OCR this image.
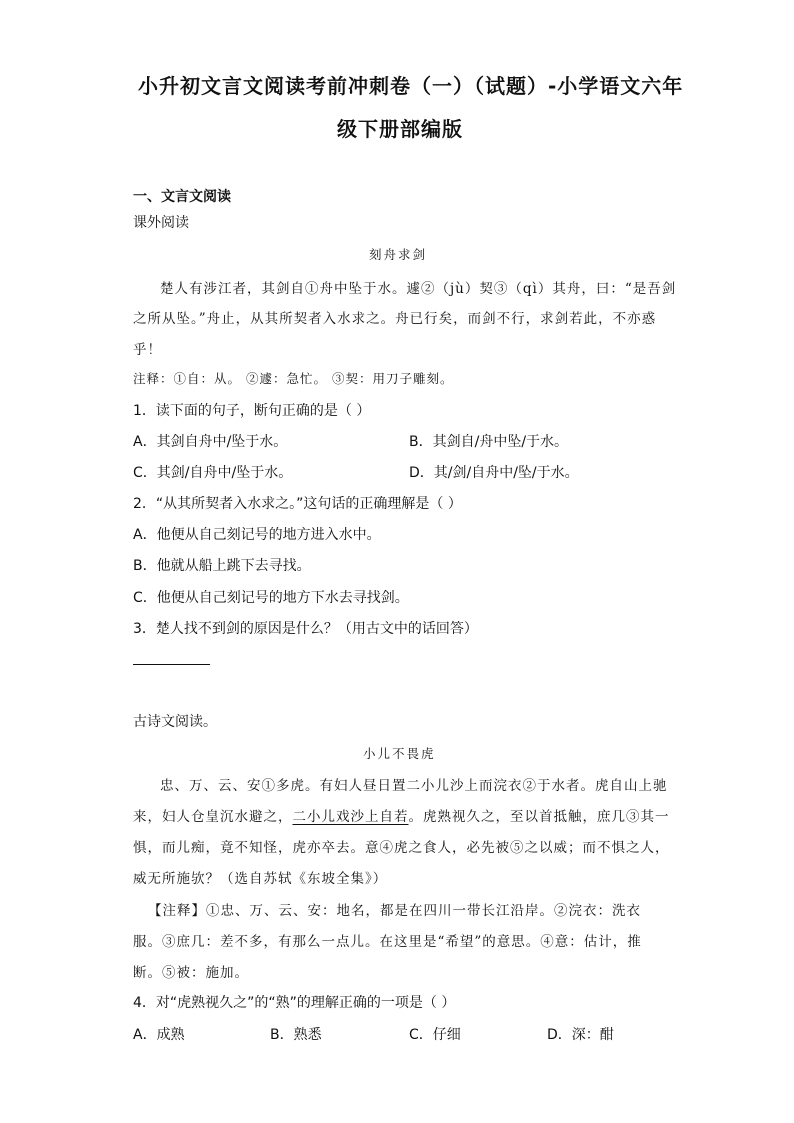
小升初文言文阅读考前冲刺卷（一）（试题）-小学语文六年
级下册部编版
一、文言文阅读
课外阅读
刻舟求剑
楚人有涉江者，其剑自①舟中坠于水。遽②（jù）契③（qì）其舟，曰：“是吾剑
之所从坠。”舟止，从其所契者入水求之。舟已行矣，而剑不行，求剑若此，不亦惑
乎！
注释：①自：从。 ②遽：急忙。 ③契：用刀子雕刻。
1．读下面的句子，断句正确的是（ ）
A．其剑自舟中/坠于水。	B．其剑自/舟中坠/于水。
C．其剑/自舟中/坠于水。	D．其/剑/自舟中/坠/于水。
2．“从其所契者入水求之。”这句话的正确理解是（ ）
A．他便从自己刻记号的地方进入水中。
B．他就从船上跳下去寻找。
C．他便从自己刻记号的地方下水去寻找剑。
3．楚人找不到剑的原因是什么？（用古文中的话回答）
古诗文阅读。
小儿不畏虎
忠、万、云、安①多虎。有妇人昼日置二小儿沙上而浣衣②于水者。虎自山上驰
来，妇人仓皇沉水避之，二小儿戏沙上自若。虎熟视久之，至以首抵触，庶几③其一
惧，而儿痴，竟不知怪，虎亦卒去。意④虎之食人，必先被⑤之以威；而不惧之人，
威无所施欤？（选自苏轼《东坡全集》）
【注释】①忠、万、云、安：地名，都是在四川一带长江沿岸。②浣衣：洗衣
服。③庶几：差不多，有那么一点儿。在这里是“希望”的意思。④意：估计，推
断。⑤被：施加。
4．对“虎熟视久之”的“熟”的理解正确的一项是（ ）
A．成熟	B．熟悉	C．仔细	D．深：酣
